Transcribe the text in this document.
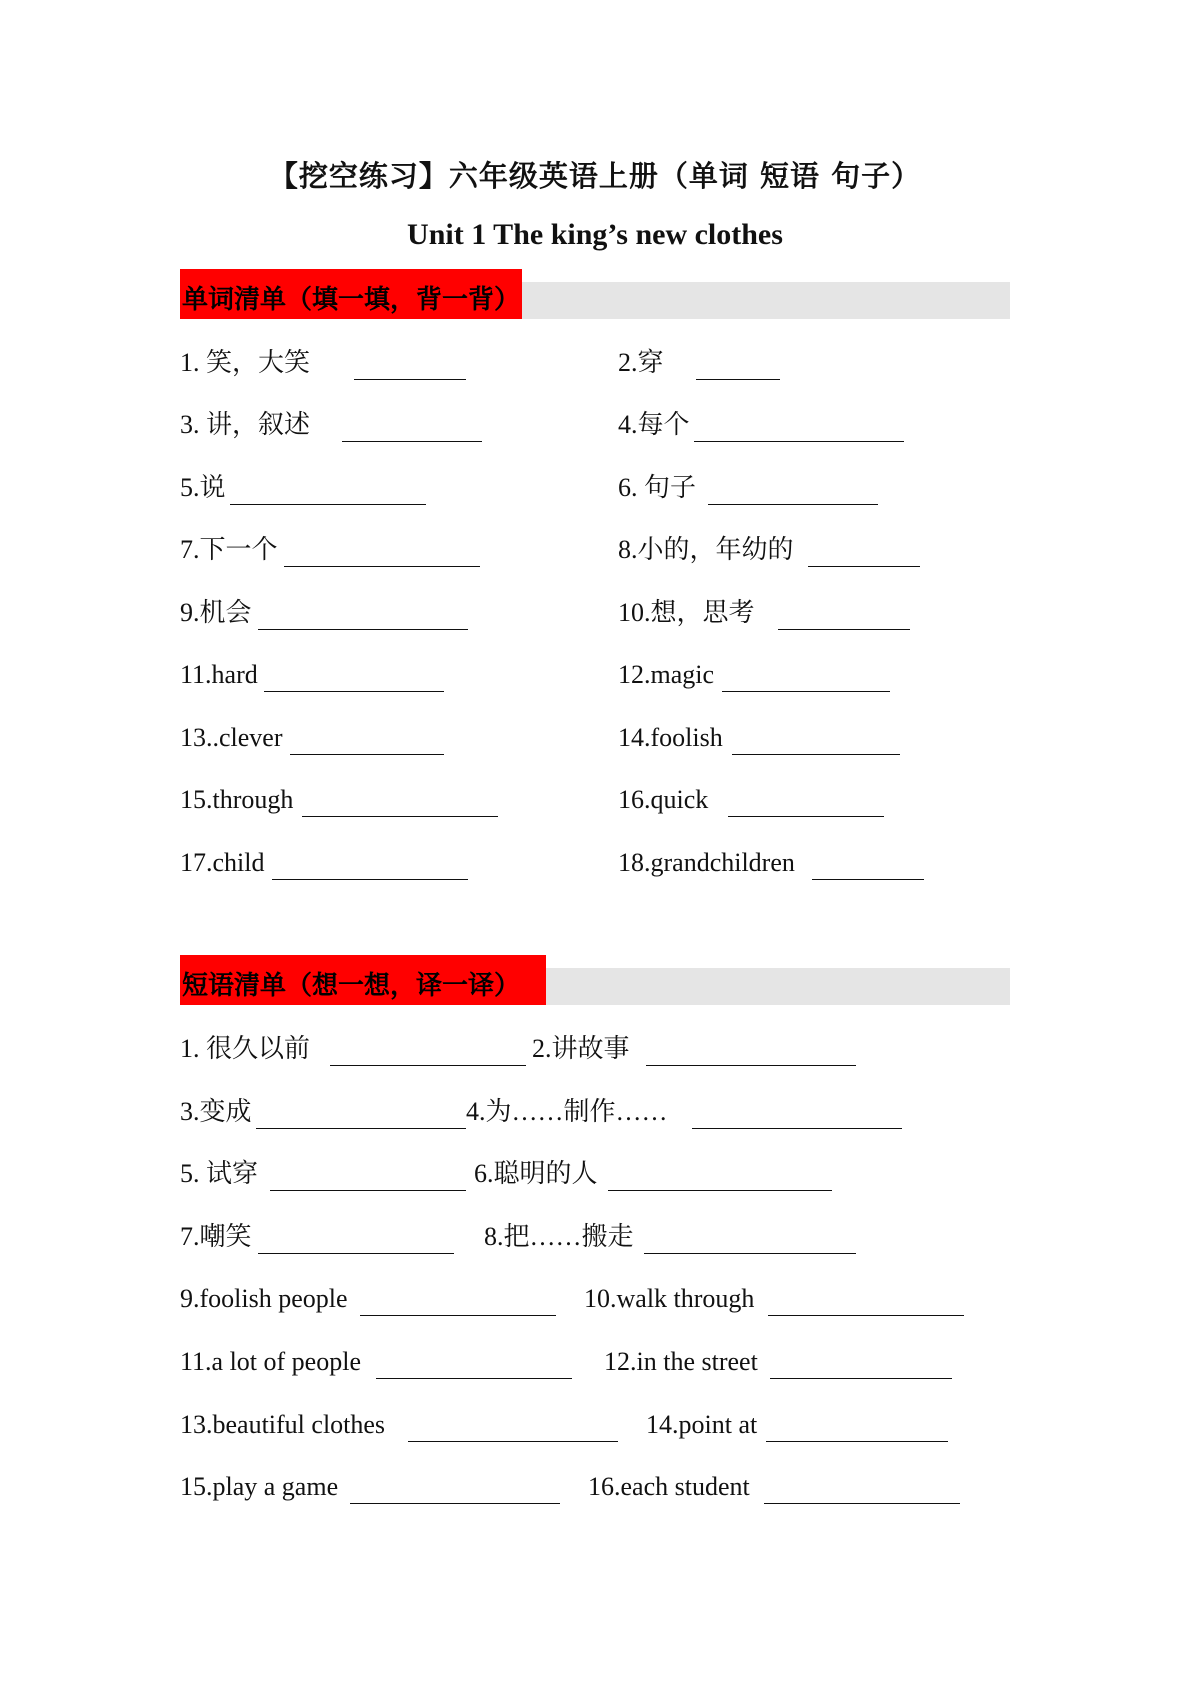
【挖空练习】六年级英语上册（单词 短语 句子）
Unit 1 The king’s new clothes
单词清单（填一填，背一背）
1. 笑，大笑	2.穿
3. 讲，叙述	4.每个
5.说	6. 句子
7.下一个	8.小的，年幼的
9.机会	10.想，思考
11.hard	12.magic
13..clever	14.foolish
15.through	16.quick
17.child	18.grandchildren
短语清单（想一想，译一译）
1. 很久以前	2.讲故事
3.变成	4.为……制作……
5. 试穿	6.聪明的人
7.嘲笑	8.把……搬走
9.foolish people	10.walk through
11.a lot of people	12.in the street
13.beautiful clothes	14.point at
15.play a game	16.each student
